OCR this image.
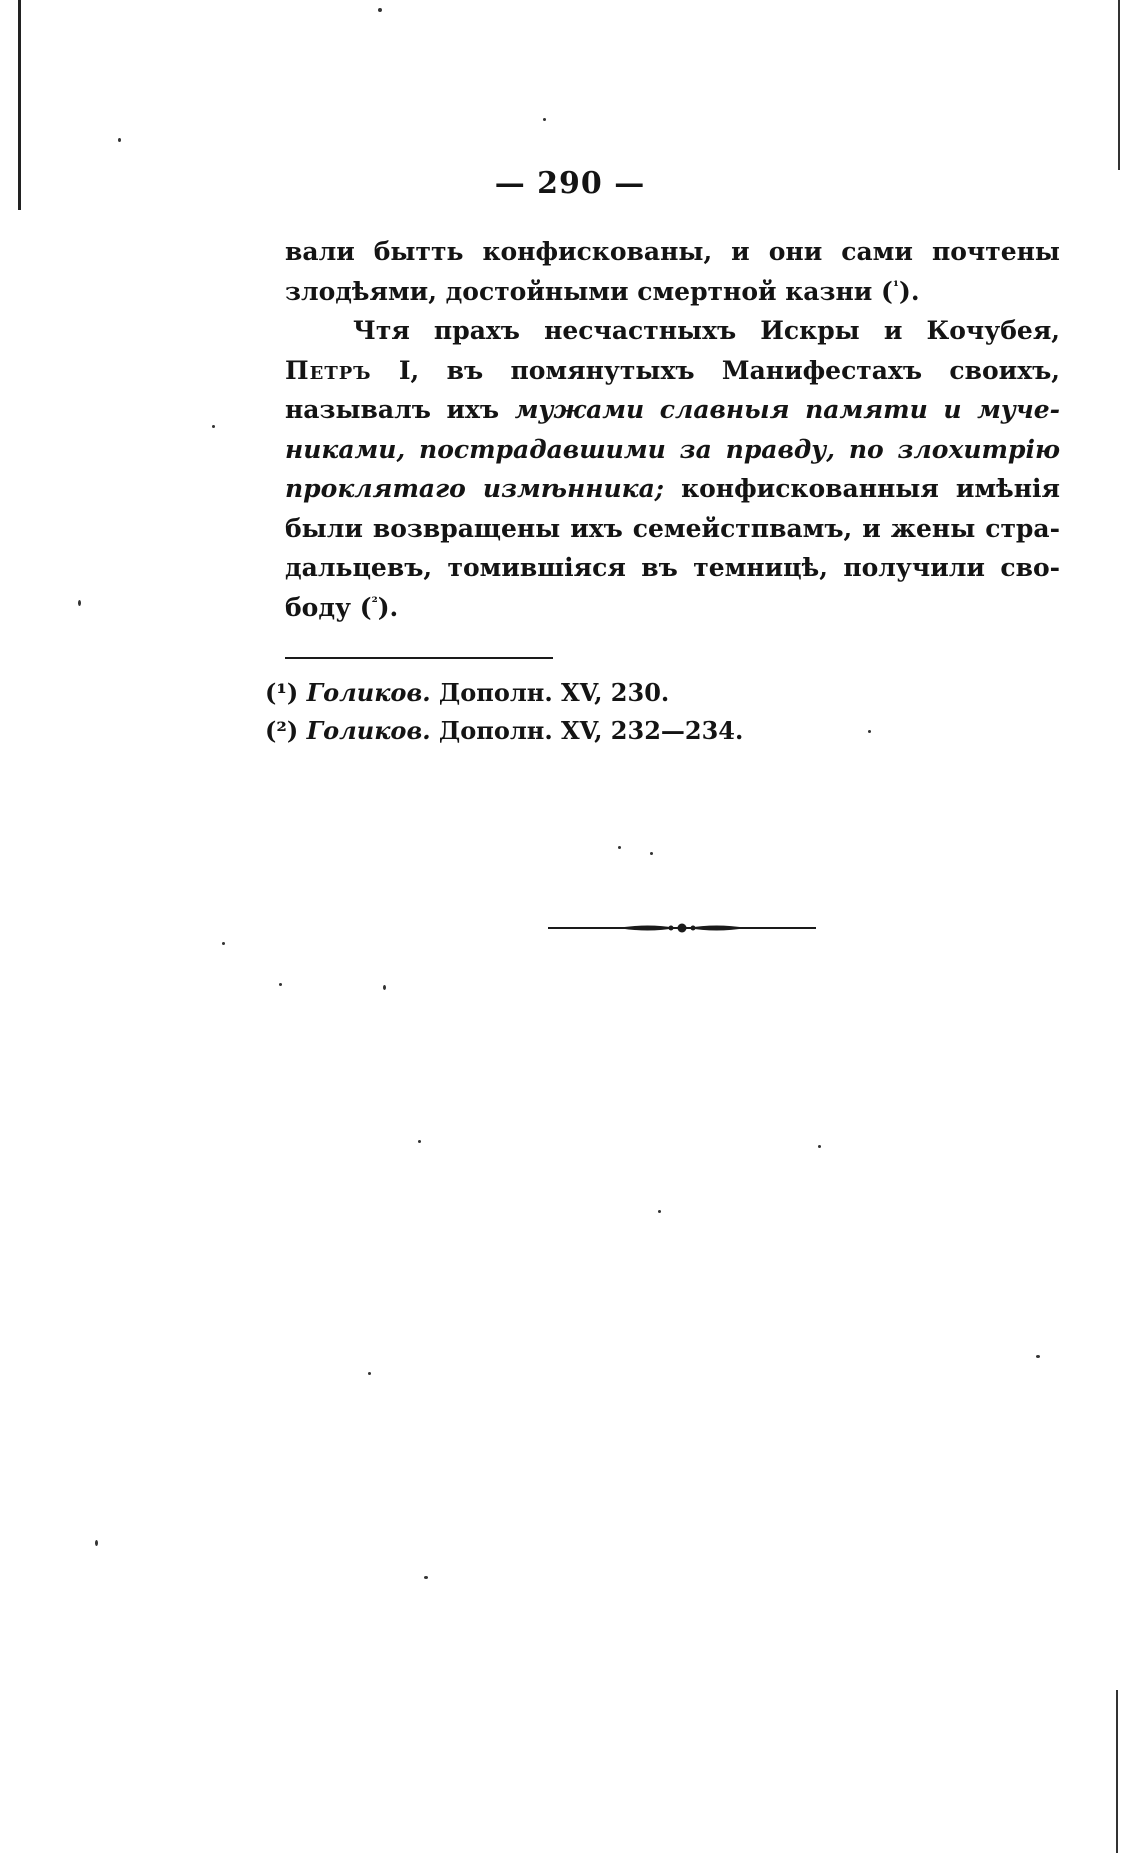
— 290 —
вали бытть конфискованы, и они сами почтены
злодѣями, достойными смертной казни ($^{^1}$).
Чтя прахъ несчастныхъ Искры и Кочубея,
Петръ I, въ помянутыхъ Манифестахъ своихъ,
называлъ ихъ мужами славныя памяти и муче-
никами, пострадавшими за правду, по злохитрію
проклятаго измѣнника; конфискованныя имѣнія
были возвращены ихъ семейстпвамъ, и жены стра-
дальцевъ, томившіяся въ темницѣ, получили сво-
боду ($^{^2}$).
(¹) Голиков. Дополн. XV, 230.
(²) Голиков. Дополн. XV, 232—234.
